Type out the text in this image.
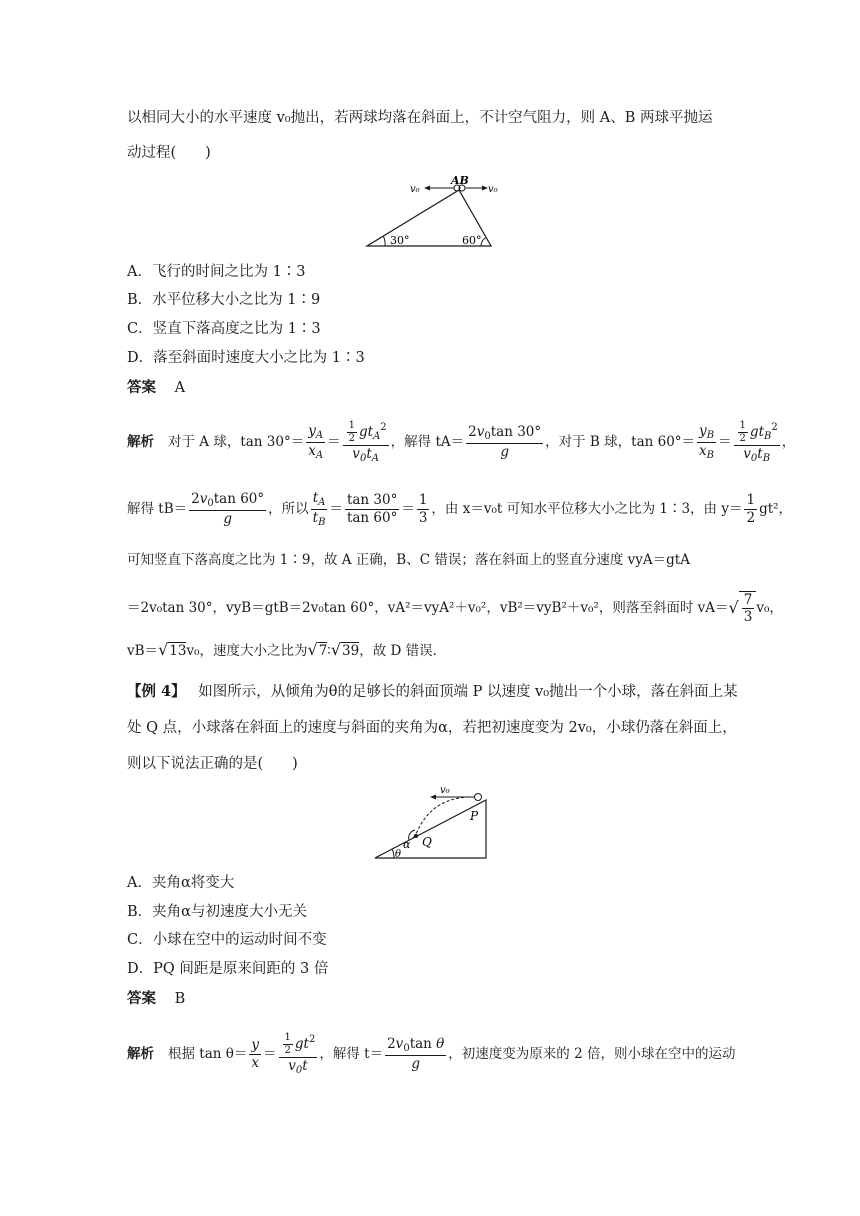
以相同大小的水平速度 v₀抛出，若两球均落在斜面上，不计空气阻力，则 A、B 两球平抛运
动过程(　　)
AB
v₀	v₀
30°	60°
A．飞行的时间之比为 1∶3
B．水平位移大小之比为 1∶9
C．竖直下落高度之比为 1∶3
D．落至斜面时速度大小之比为 1∶3
答案 A
解析 对于 A 球，$\tan 30^\circ= \frac{y_A}{x_A} = \frac{\frac{1}{2} gt_A^2}{v_0t_A}$ ，解得 $tA= \frac{2v_0\tan 30^\circ}{g}$ ，对于 B 球，$\tan 60^\circ= \frac{y_B}{x_B} = \frac{\frac{1}{2} gt_B^2}{v_0t_B}$ ，
解得 $tB= \frac{2v_0\tan 60^\circ}{g}$ ，所以 $\frac{t_A}{t_B} = \frac{\tan 30^\circ}{\tan 60^\circ} = \frac{1}{3}$ ，由 x＝v₀t 可知水平位移大小之比为 1∶3，由 $y= \frac{1}{2} gt^2$，
可知竖直下落高度之比为 1∶9，故 A 正确，B、C 错误；落在斜面上的竖直分速度 vyA＝gtA
＝2v₀tan 30°，vyB＝gtB＝2v₀tan 60°，vA²＝vyA²＋v₀²，vB²＝vyB²＋v₀²，则落至斜面时 vA＝ √ $\frac{7}{3} v_0$，
vB＝√13v₀，速度大小之比为√7∶√39，故 D 错误．
【例 4】 如图所示，从倾角为θ的足够长的斜面顶端 P 以速度 v₀抛出一个小球，落在斜面上某
处 Q 点，小球落在斜面上的速度与斜面的夹角为α，若把初速度变为 2v₀，小球仍落在斜面上，
则以下说法正确的是(　　)
v₀
P
Q
α
θ
A．夹角α将变大
B．夹角α与初速度大小无关
C．小球在空中的运动时间不变
D．PQ 间距是原来间距的 3 倍
答案 B
解析 根据 $\tan \theta= \frac{y}{x} = \frac{\frac{1}{2} gt^2}{v_0t}$ ，解得 $t= \frac{2v_0\tan \theta}{g}$ ，初速度变为原来的 2 倍，则小球在空中的运动
